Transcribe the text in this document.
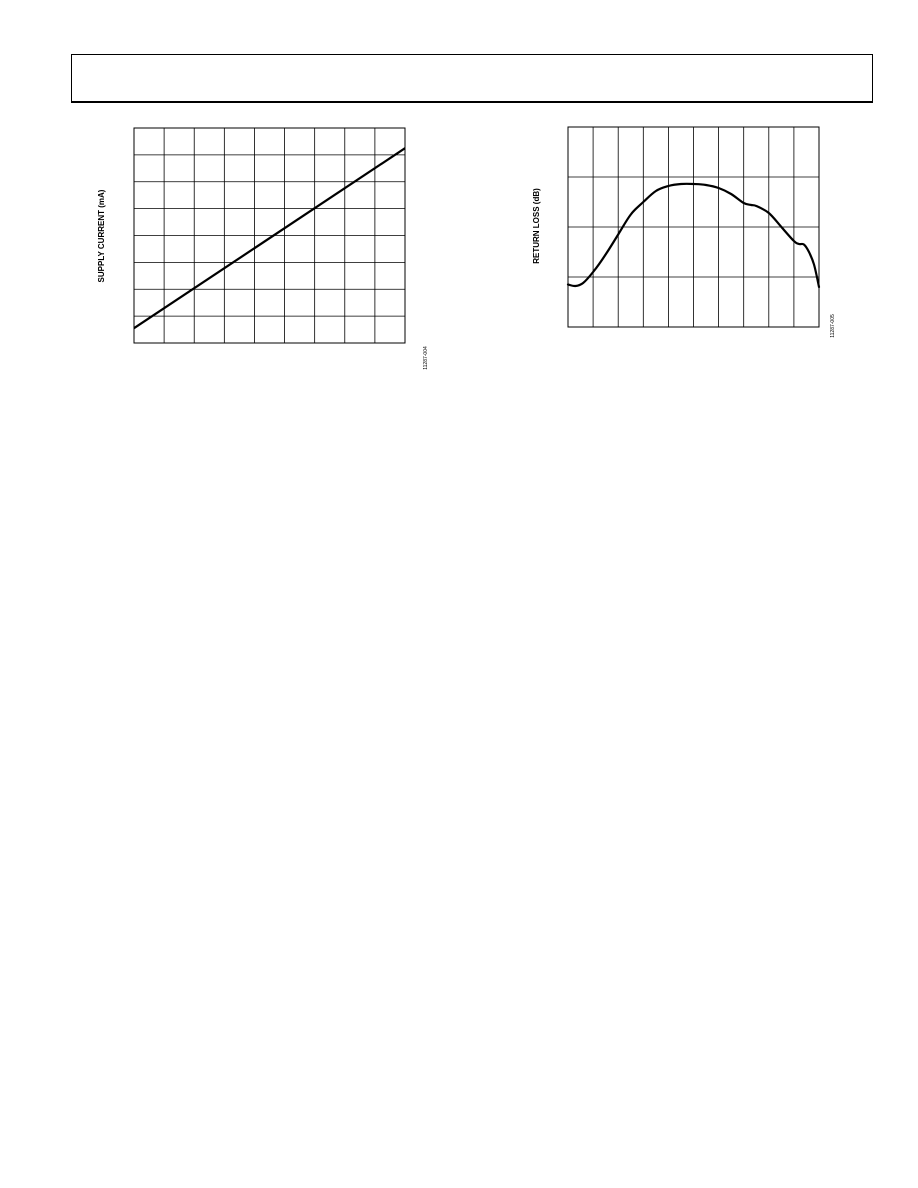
SUPPLY CURRENT (mA)
11287-004
RETURN LOSS (dB)
11287-005
